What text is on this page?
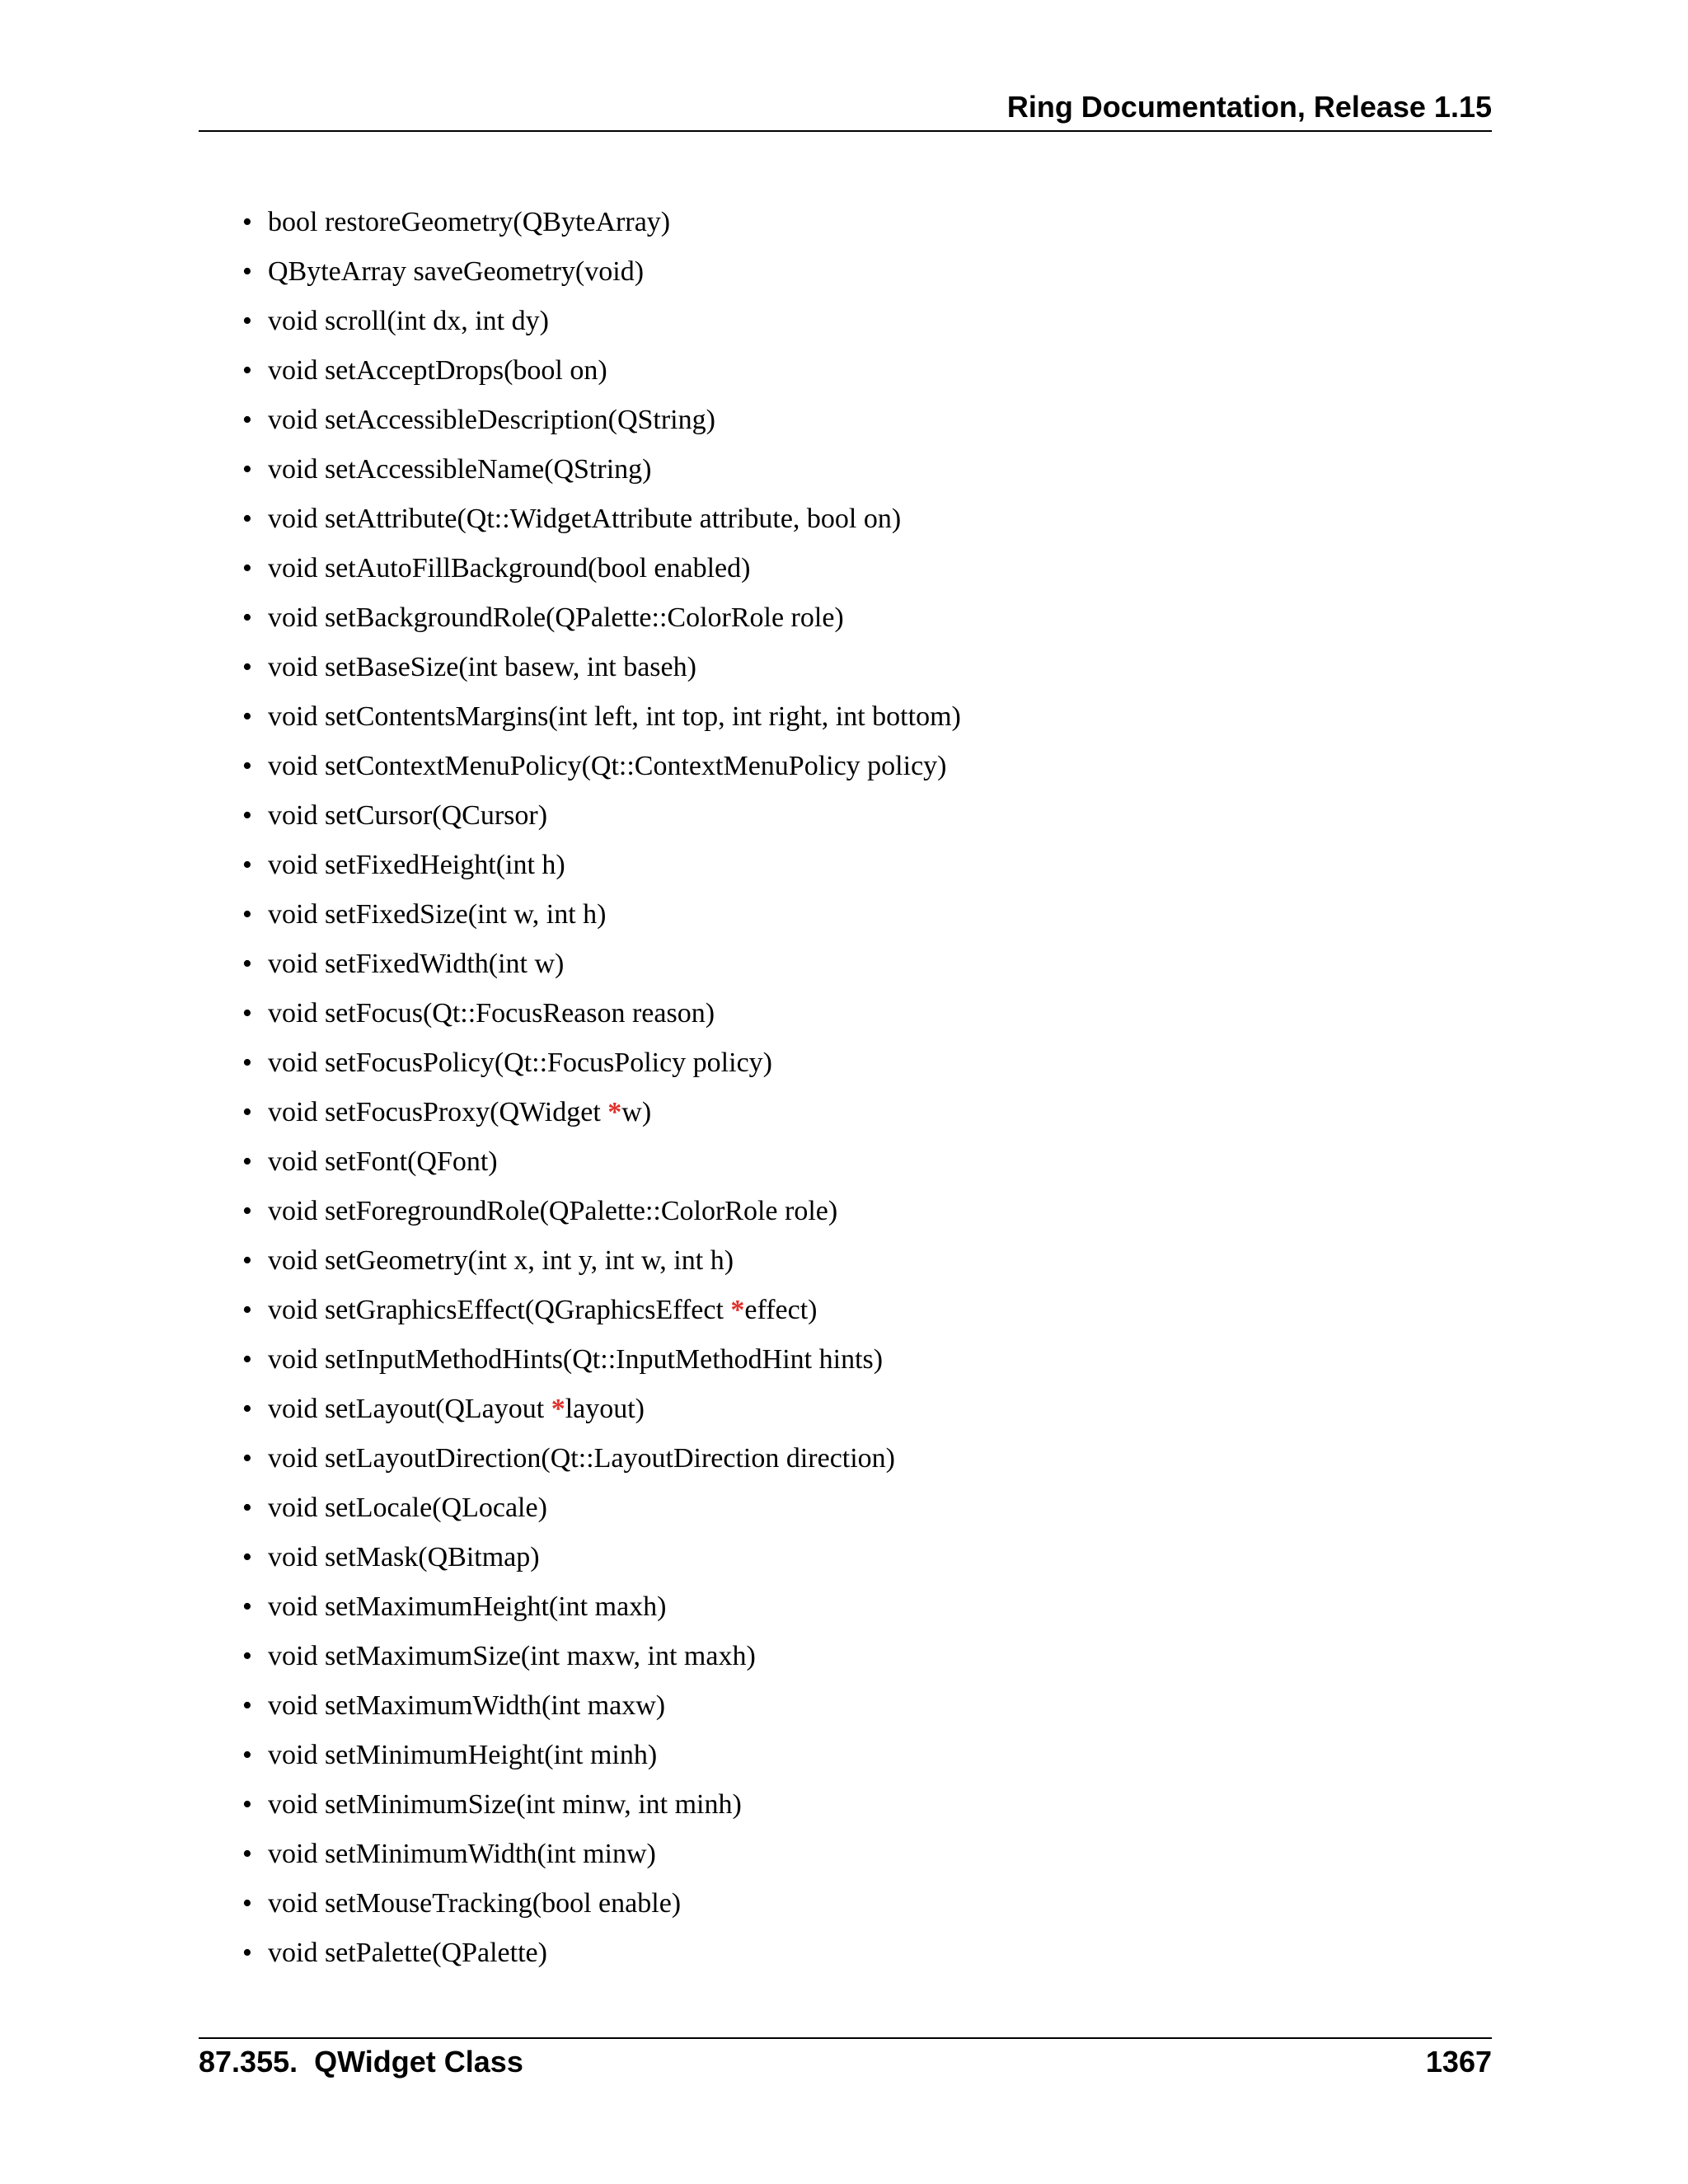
Ring Documentation, Release 1.15
• bool restoreGeometry(QByteArray)
• QByteArray saveGeometry(void)
• void scroll(int dx, int dy)
• void setAcceptDrops(bool on)
• void setAccessibleDescription(QString)
• void setAccessibleName(QString)
• void setAttribute(Qt::WidgetAttribute attribute, bool on)
• void setAutoFillBackground(bool enabled)
• void setBackgroundRole(QPalette::ColorRole role)
• void setBaseSize(int basew, int baseh)
• void setContentsMargins(int left, int top, int right, int bottom)
• void setContextMenuPolicy(Qt::ContextMenuPolicy policy)
• void setCursor(QCursor)
• void setFixedHeight(int h)
• void setFixedSize(int w, int h)
• void setFixedWidth(int w)
• void setFocus(Qt::FocusReason reason)
• void setFocusPolicy(Qt::FocusPolicy policy)
• void setFocusProxy(QWidget *w)
• void setFont(QFont)
• void setForegroundRole(QPalette::ColorRole role)
• void setGeometry(int x, int y, int w, int h)
• void setGraphicsEffect(QGraphicsEffect *effect)
• void setInputMethodHints(Qt::InputMethodHint hints)
• void setLayout(QLayout *layout)
• void setLayoutDirection(Qt::LayoutDirection direction)
• void setLocale(QLocale)
• void setMask(QBitmap)
• void setMaximumHeight(int maxh)
• void setMaximumSize(int maxw, int maxh)
• void setMaximumWidth(int maxw)
• void setMinimumHeight(int minh)
• void setMinimumSize(int minw, int minh)
• void setMinimumWidth(int minw)
• void setMouseTracking(bool enable)
• void setPalette(QPalette)
87.355.  QWidget Class	1367
